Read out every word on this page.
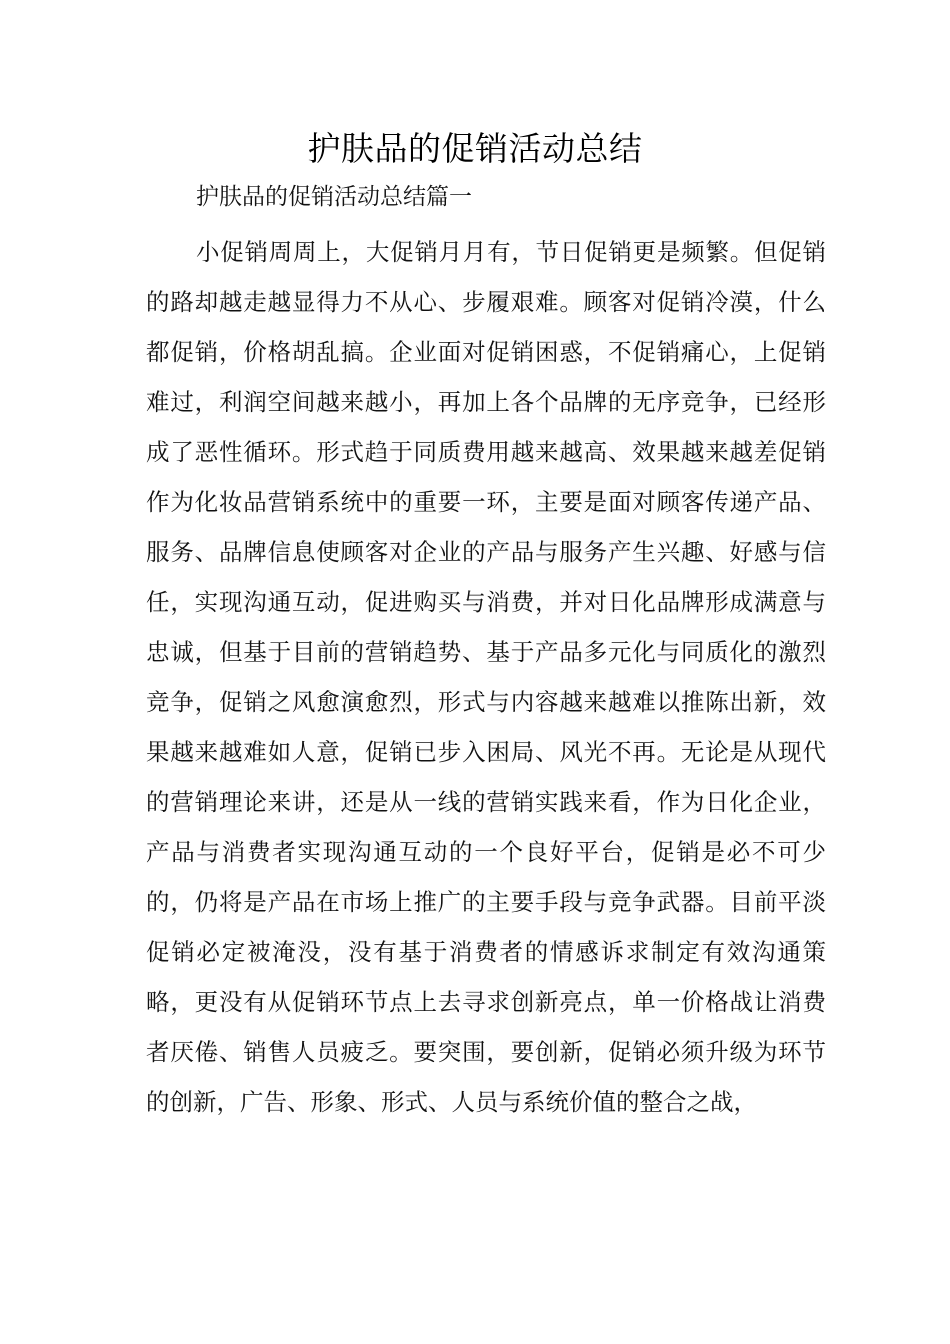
护肤品的促销活动总结
护肤品的促销活动总结篇一

小促销周周上，大促销月月有，节日促销更是频繁。但促销的路却越走越显得力不从心、步履艰难。顾客对促销冷漠，什么都促销，价格胡乱搞。企业面对促销困惑，不促销痛心，上促销难过，利润空间越来越小，再加上各个品牌的无序竞争，已经形成了恶性循环。形式趋于同质费用越来越高、效果越来越差促销作为化妆品营销系统中的重要一环，主要是面对顾客传递产品、服务、品牌信息使顾客对企业的产品与服务产生兴趣、好感与信任，实现沟通互动，促进购买与消费，并对日化品牌形成满意与忠诚，但基于目前的营销趋势、基于产品多元化与同质化的激烈竞争，促销之风愈演愈烈，形式与内容越来越难以推陈出新，效果越来越难如人意，促销已步入困局、风光不再。无论是从现代的营销理论来讲，还是从一线的营销实践来看，作为日化企业，产品与消费者实现沟通互动的一个良好平台，促销是必不可少的，仍将是产品在市场上推广的主要手段与竞争武器。目前平淡促销必定被淹没，没有基于消费者的情感诉求制定有效沟通策略，更没有从促销环节点上去寻求创新亮点，单一价格战让消费者厌倦、销售人员疲乏。要突围，要创新，促销必须升级为环节的创新，广告、形象、形式、人员与系统价值的整合之战，
